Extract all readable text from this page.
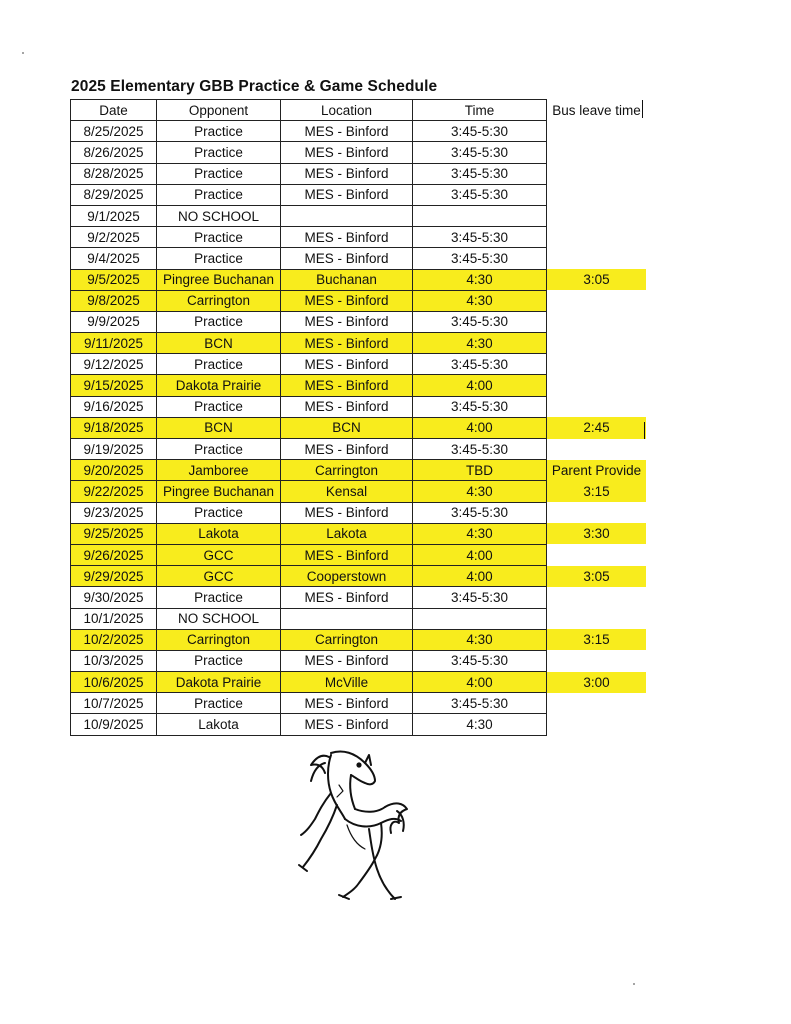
2025 Elementary GBB Practice & Game Schedule
Date	Opponent	Location	Time	Bus leave time
8/25/2025	Practice	MES - Binford	3:45-5:30	
8/26/2025	Practice	MES - Binford	3:45-5:30	
8/28/2025	Practice	MES - Binford	3:45-5:30	
8/29/2025	Practice	MES - Binford	3:45-5:30	
9/1/2025	NO SCHOOL			
9/2/2025	Practice	MES - Binford	3:45-5:30	
9/4/2025	Practice	MES - Binford	3:45-5:30	
9/5/2025	Pingree Buchanan	Buchanan	4:30	3:05
9/8/2025	Carrington	MES - Binford	4:30	
9/9/2025	Practice	MES - Binford	3:45-5:30	
9/11/2025	BCN	MES - Binford	4:30	
9/12/2025	Practice	MES - Binford	3:45-5:30	
9/15/2025	Dakota Prairie	MES - Binford	4:00	
9/16/2025	Practice	MES - Binford	3:45-5:30	
9/18/2025	BCN	BCN	4:00	2:45
9/19/2025	Practice	MES - Binford	3:45-5:30	
9/20/2025	Jamboree	Carrington	TBD	Parent Provide
9/22/2025	Pingree Buchanan	Kensal	4:30	3:15
9/23/2025	Practice	MES - Binford	3:45-5:30	
9/25/2025	Lakota	Lakota	4:30	3:30
9/26/2025	GCC	MES - Binford	4:00	
9/29/2025	GCC	Cooperstown	4:00	3:05
9/30/2025	Practice	MES - Binford	3:45-5:30	
10/1/2025	NO SCHOOL			
10/2/2025	Carrington	Carrington	4:30	3:15
10/3/2025	Practice	MES - Binford	3:45-5:30	
10/6/2025	Dakota Prairie	McVille	4:00	3:00
10/7/2025	Practice	MES - Binford	3:45-5:30	
10/9/2025	Lakota	MES - Binford	4:30	
